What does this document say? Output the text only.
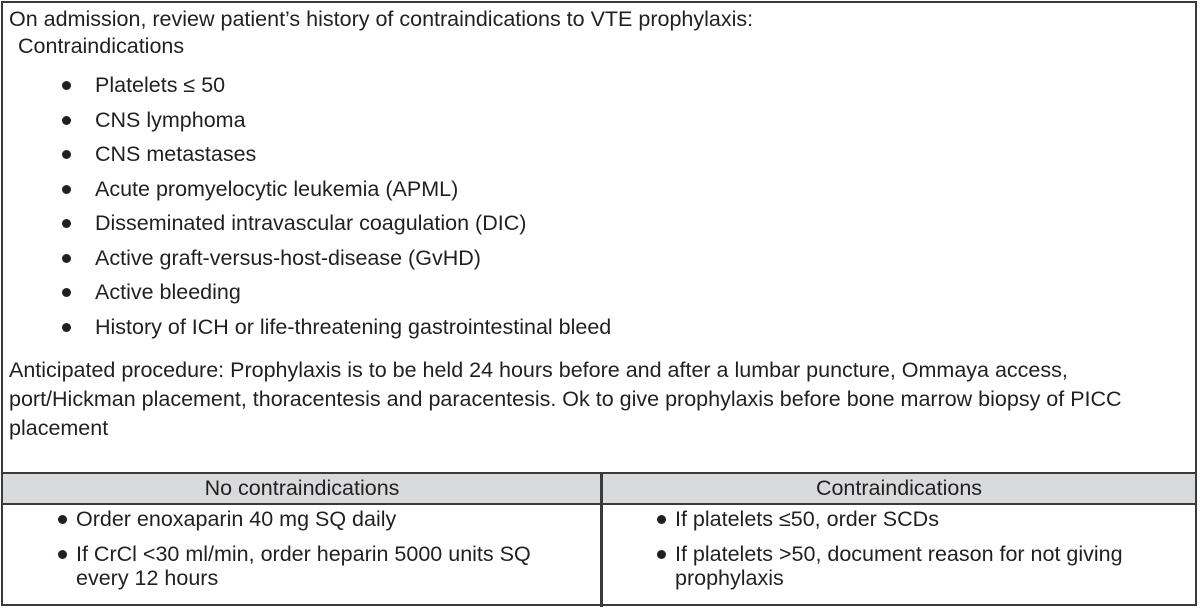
On admission, review patient’s history of contraindications to VTE prophylaxis:
Contraindications
Platelets ≤ 50
CNS lymphoma
CNS metastases
Acute promyelocytic leukemia (APML)
Disseminated intravascular coagulation (DIC)
Active graft-versus-host-disease (GvHD)
Active bleeding
History of ICH or life-threatening gastrointestinal bleed
Anticipated procedure: Prophylaxis is to be held 24 hours before and after a lumbar puncture, Ommaya access, port/Hickman placement, thoracentesis and paracentesis. Ok to give prophylaxis before bone marrow biopsy of PICC placement
No contraindications	Contraindications
Order enoxaparin 40 mg SQ daily
If CrCl <30 ml/min, order heparin 5000 units SQ every 12 hours
If platelets ≤50, order SCDs
If platelets >50, document reason for not giving prophylaxis
